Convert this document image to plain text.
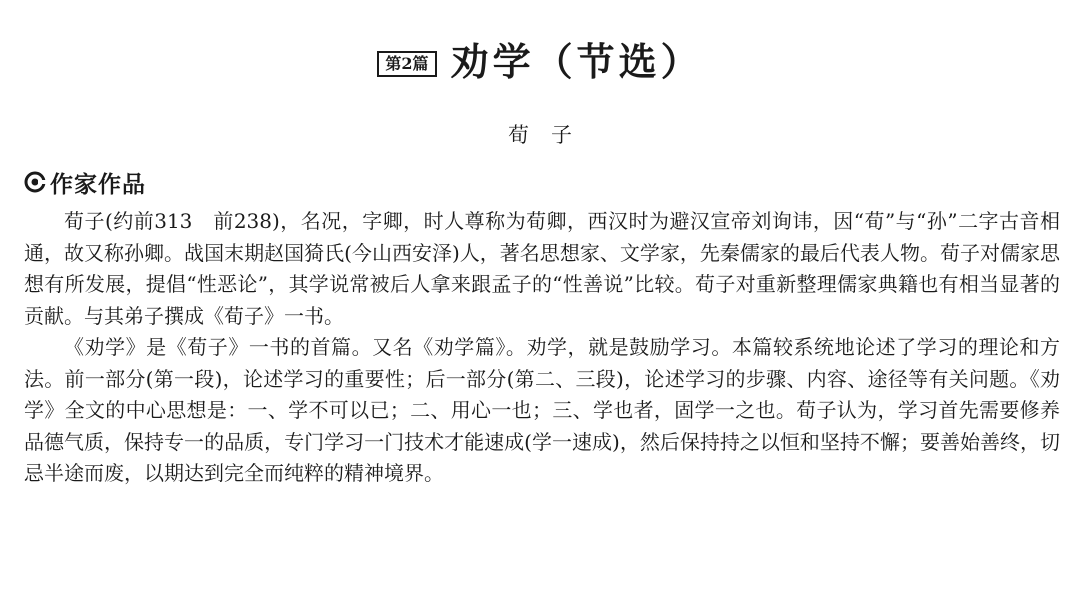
第2篇 劝学（节选）
荀子
作家作品

荀子(约前313　前238)，名况，字卿，时人尊称为荀卿，西汉时为避汉宣帝刘询讳，因“荀”与“孙”二字古音相通，故又称孙卿。战国末期赵国猗氏(今山西安泽)人，著名思想家、文学家，先秦儒家的最后代表人物。荀子对儒家思想有所发展，提倡“性恶论”，其学说常被后人拿来跟孟子的“性善说”比较。荀子对重新整理儒家典籍也有相当显著的贡献。与其弟子撰成《荀子》一书。

《劝学》是《荀子》一书的首篇。又名《劝学篇》。劝学，就是鼓励学习。本篇较系统地论述了学习的理论和方法。前一部分(第一段)，论述学习的重要性；后一部分(第二、三段)，论述学习的步骤、内容、途径等有关问题。《劝学》全文的中心思想是：一、学不可以已；二、用心一也；三、学也者，固学一之也。荀子认为，学习首先需要修养品德气质，保持专一的品质，专门学习一门技术才能速成(学一速成)，然后保持持之以恒和坚持不懈；要善始善终，切忌半途而废，以期达到完全而纯粹的精神境界。
